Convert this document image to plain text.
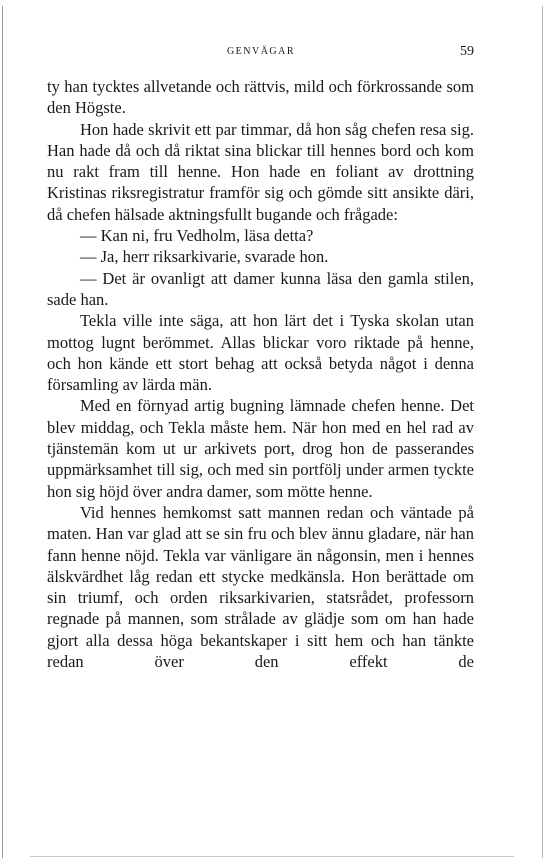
GENVÄGAR	59

ty han tycktes allvetande och rättvis, mild och förkrossande som den Högste.

Hon hade skrivit ett par timmar, då hon såg chefen resa sig. Han hade då och då riktat sina blickar till hennes bord och kom nu rakt fram till henne. Hon hade en foliant av drottning Kristinas riksregistratur framför sig och gömde sitt ansikte däri, då chefen hälsade aktningsfullt bugande och frågade:

— Kan ni, fru Vedholm, läsa detta?

— Ja, herr riksarkivarie, svarade hon.

— Det är ovanligt att damer kunna läsa den gamla stilen, sade han.

Tekla ville inte säga, att hon lärt det i Tyska skolan utan mottog lugnt berömmet. Allas blickar voro riktade på henne, och hon kände ett stort behag att också betyda något i denna församling av lärda män.

Med en förnyad artig bugning lämnade chefen henne. Det blev middag, och Tekla måste hem. När hon med en hel rad av tjänstemän kom ut ur arkivets port, drog hon de passerandes uppmärksamhet till sig, och med sin portfölj under armen tyckte hon sig höjd över andra damer, som mötte henne.

Vid hennes hemkomst satt mannen redan och väntade på maten. Han var glad att se sin fru och blev ännu gladare, när han fann henne nöjd. Tekla var vänligare än någonsin, men i hennes älskvärdhet låg redan ett stycke medkänsla. Hon berättade om sin triumf, och orden riksarkivarien, statsrådet, professorn regnade på mannen, som strålade av glädje som om han hade gjort alla dessa höga bekantskaper i sitt hem och han tänkte redan över den effekt de
